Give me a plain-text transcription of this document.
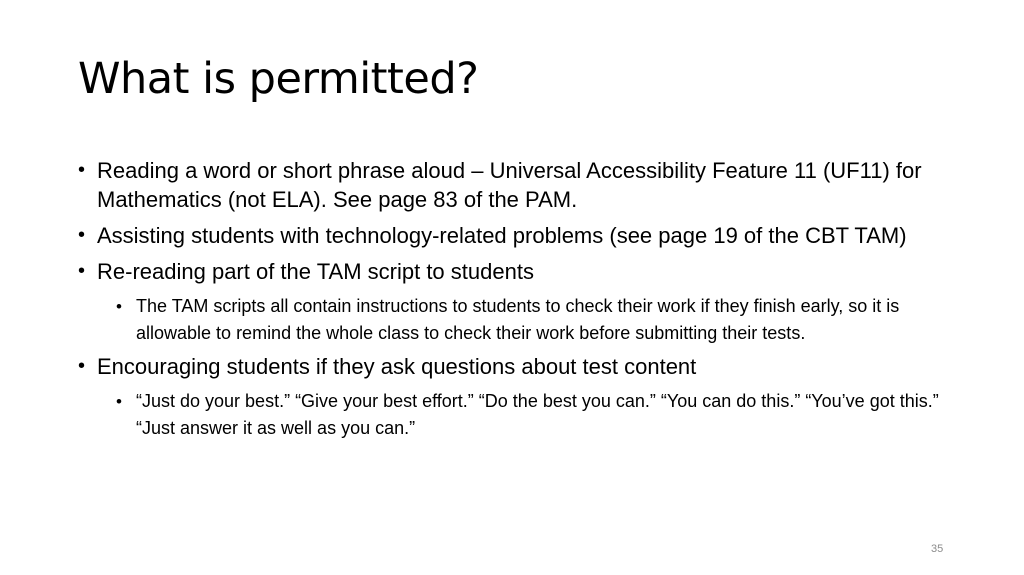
What is permitted?
• Reading a word or short phrase aloud – Universal Accessibility Feature 11 (UF11) for Mathematics (not ELA). See page 83 of the PAM.
• Assisting students with technology-related problems (see page 19 of the CBT TAM)
• Re-reading part of the TAM script to students
• The TAM scripts all contain instructions to students to check their work if they finish early, so it is allowable to remind the whole class to check their work before submitting their tests.
• Encouraging students if they ask questions about test content
• “Just do your best.” “Give your best effort.” “Do the best you can.” “You can do this.” “You’ve got this.” “Just answer it as well as you can.”
35
